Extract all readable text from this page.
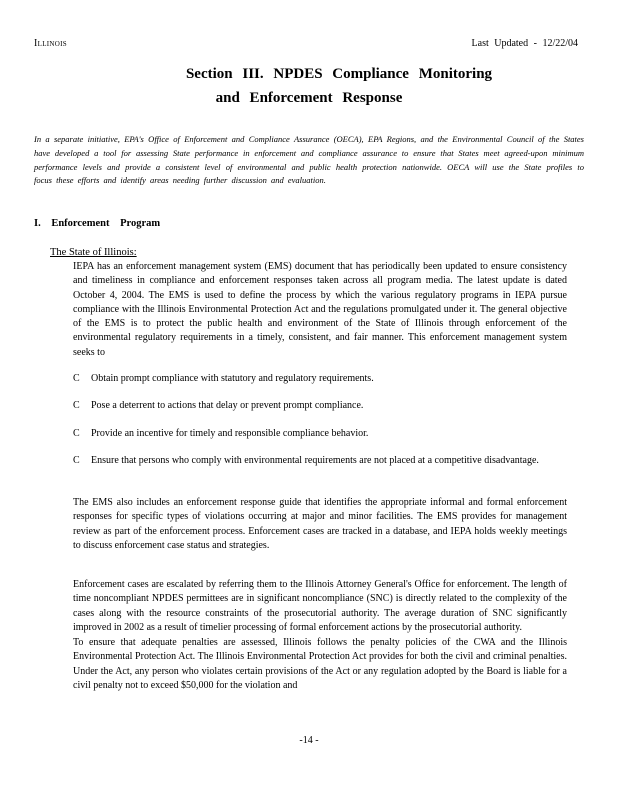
Illinois	Last Updated - 12/22/04
Section III. NPDES Compliance Monitoring
and Enforcement Response
In a separate initiative, EPA's Office of Enforcement and Compliance Assurance (OECA), EPA Regions, and the Environmental Council of the States have developed a tool for assessing State performance in enforcement and compliance assurance to ensure that States meet agreed-upon minimum performance levels and provide a consistent level of environmental and public health protection nationwide. OECA will use the State profiles to focus these efforts and identify areas needing further discussion and evaluation.
I. Enforcement Program
The State of Illinois:
IEPA has an enforcement management system (EMS) document that has periodically been updated to ensure consistency and timeliness in compliance and enforcement responses taken across all program media. The latest update is dated October 4, 2004. The EMS is used to define the process by which the various regulatory programs in IEPA pursue compliance with the Illinois Environmental Protection Act and the regulations promulgated under it. The general objective of the EMS is to protect the public health and environment of the State of Illinois through enforcement of the environmental regulatory requirements in a timely, consistent, and fair manner. This enforcement management system seeks to
C Obtain prompt compliance with statutory and regulatory requirements.
C Pose a deterrent to actions that delay or prevent prompt compliance.
C Provide an incentive for timely and responsible compliance behavior.
C Ensure that persons who comply with environmental requirements are not placed at a competitive disadvantage.
The EMS also includes an enforcement response guide that identifies the appropriate informal and formal enforcement responses for specific types of violations occurring at major and minor facilities. The EMS provides for management review as part of the enforcement process. Enforcement cases are tracked in a database, and IEPA holds weekly meetings to discuss enforcement case status and strategies.
Enforcement cases are escalated by referring them to the Illinois Attorney General's Office for enforcement. The length of time noncompliant NPDES permittees are in significant noncompliance (SNC) is directly related to the complexity of the cases along with the resource constraints of the prosecutorial authority. The average duration of SNC significantly improved in 2002 as a result of timelier processing of formal enforcement actions by the prosecutorial authority.
To ensure that adequate penalties are assessed, Illinois follows the penalty policies of the CWA and the Illinois Environmental Protection Act. The Illinois Environmental Protection Act provides for both the civil and criminal penalties. Under the Act, any person who violates certain provisions of the Act or any regulation adopted by the Board is liable for a civil penalty not to exceed $50,000 for the violation and
-14 -
